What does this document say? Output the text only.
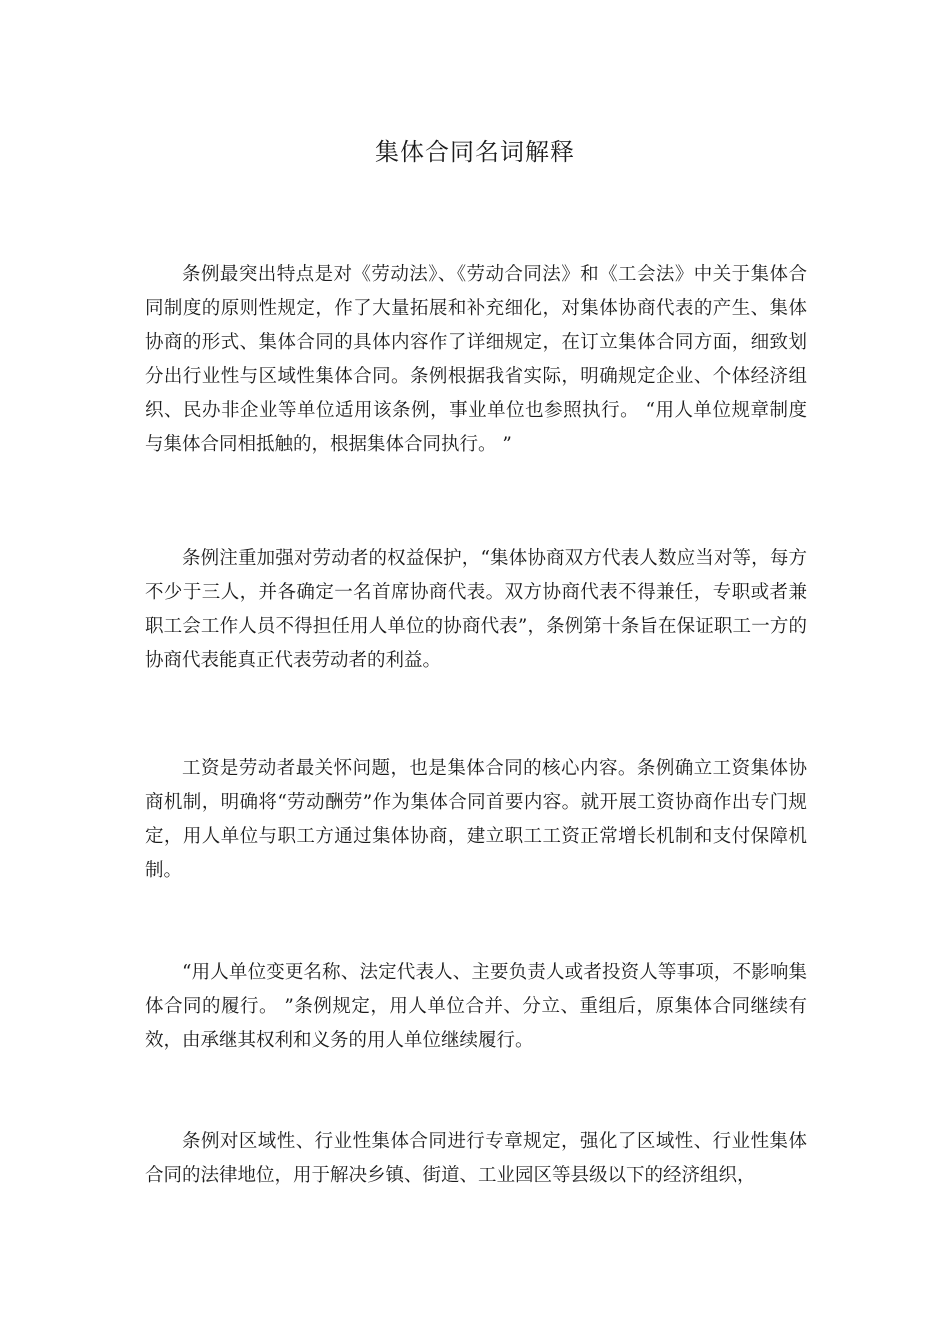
集体合同名词解释

条例最突出特点是对《劳动法》、《劳动合同法》和《工会法》中关于集体合同制度的原则性规定，作了大量拓展和补充细化，对集体协商代表的产生、集体协商的形式、集体合同的具体内容作了详细规定，在订立集体合同方面，细致划分出行业性与区域性集体合同。条例根据我省实际，明确规定企业、个体经济组织、民办非企业等单位适用该条例，事业单位也参照执行。 “用人单位规章制度与集体合同相抵触的，根据集体合同执行。 ”

条例注重加强对劳动者的权益保护，“集体协商双方代表人数应当对等，每方不少于三人，并各确定一名首席协商代表。双方协商代表不得兼任，专职或者兼职工会工作人员不得担任用人单位的协商代表”，条例第十条旨在保证职工一方的协商代表能真正代表劳动者的利益。

工资是劳动者最关怀问题，也是集体合同的核心内容。条例确立工资集体协商机制，明确将“劳动酬劳”作为集体合同首要内容。就开展工资协商作出专门规定，用人单位与职工方通过集体协商，建立职工工资正常增长机制和支付保障机制。

“用人单位变更名称、法定代表人、主要负责人或者投资人等事项，不影响集体合同的履行。 ”条例规定，用人单位合并、分立、重组后，原集体合同继续有效，由承继其权利和义务的用人单位继续履行。

条例对区域性、行业性集体合同进行专章规定，强化了区域性、行业性集体合同的法律地位，用于解决乡镇、街道、工业园区等县级以下的经济组织，
